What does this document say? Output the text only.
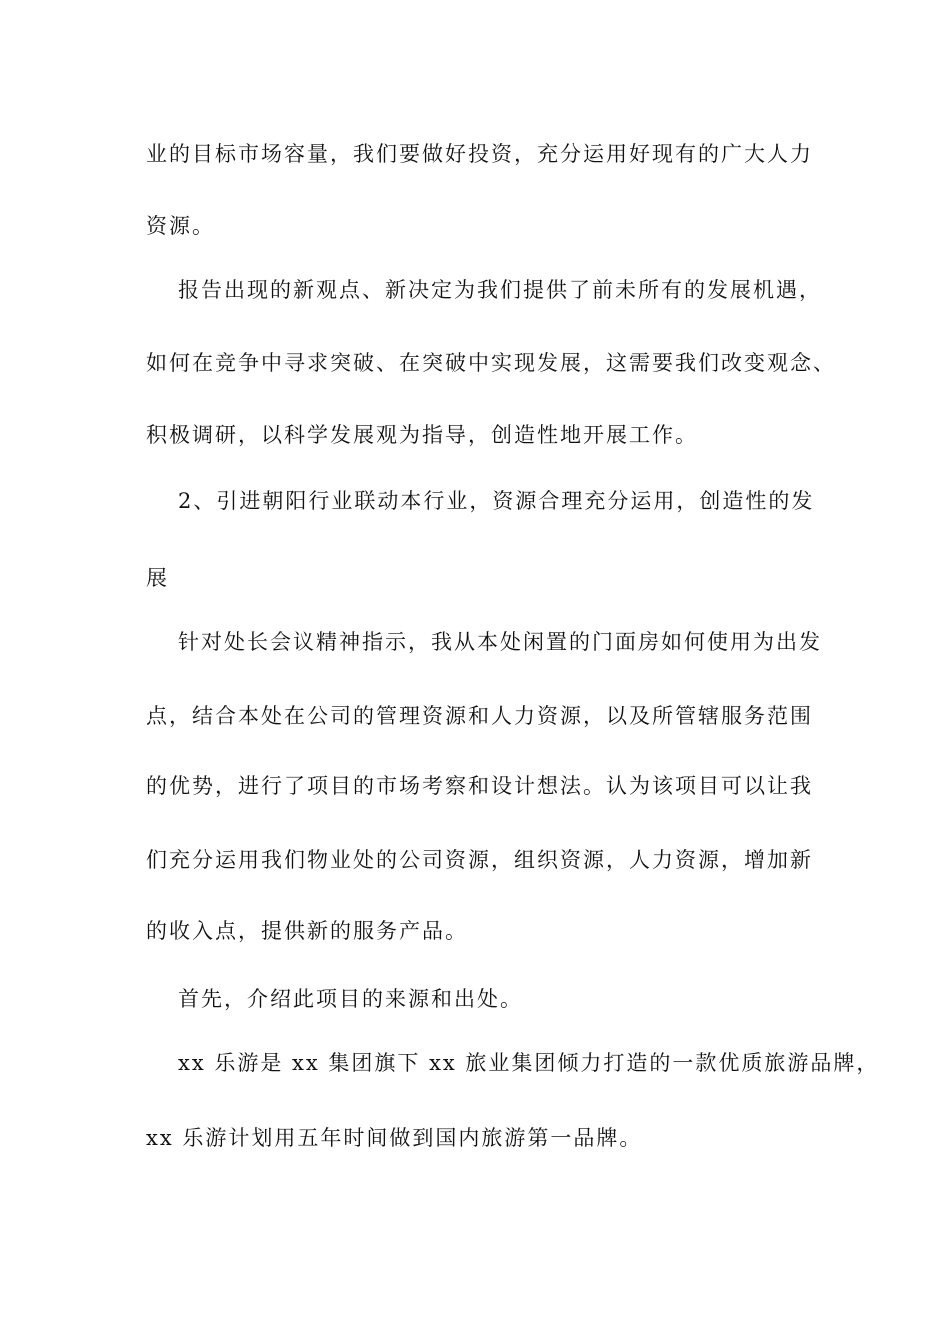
业的目标市场容量，我们要做好投资，充分运用好现有的广大人力
资源。
报告出现的新观点、新决定为我们提供了前未所有的发展机遇，
如何在竞争中寻求突破、在突破中实现发展，这需要我们改变观念、
积极调研，以科学发展观为指导，创造性地开展工作。
2、引进朝阳行业联动本行业，资源合理充分运用，创造性的发
展
针对处长会议精神指示，我从本处闲置的门面房如何使用为出发
点，结合本处在公司的管理资源和人力资源，以及所管辖服务范围
的优势，进行了项目的市场考察和设计想法。认为该项目可以让我
们充分运用我们物业处的公司资源，组织资源，人力资源，增加新
的收入点，提供新的服务产品。
首先，介绍此项目的来源和出处。
xx 乐游是 xx 集团旗下 xx 旅业集团倾力打造的一款优质旅游品牌，
xx 乐游计划用五年时间做到国内旅游第一品牌。
